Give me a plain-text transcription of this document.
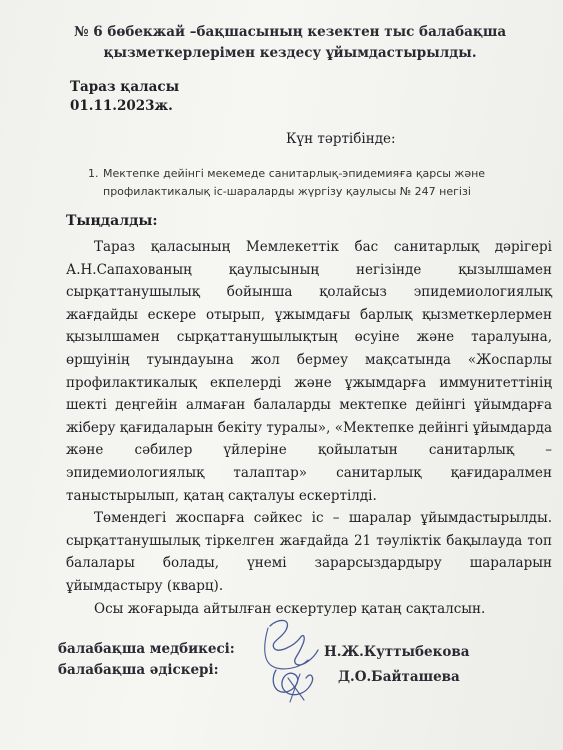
№ 6 бөбекжай –бақшасының кезектен тыс балабақша қызметкерлерімен кездесу ұйымдастырылды.
Тараз қаласы
01.11.2023ж.
Күн тәртібінде:
1. Мектепке дейінгі мекемеде санитарлық-эпидемияға қарсы және профилактикалық іс-шараларды жүргізу қаулысы № 247 негізі
Тыңдалды:

Тараз қаласының Мемлекеттік бас санитарлық дәрігері А.Н.Сапахованың қаулысының негізінде қызылшамен сырқаттанушылық бойынша қолайсыз эпидемиологиялық жағдайды ескере отырып, ұжымдағы барлық қызметкерлермен қызылшамен сырқаттанушылықтың өсуіне және таралуына, өршуінің туындауына жол бермеу мақсатында «Жоспарлы профилактикалық екпелерді және ұжымдарға иммунитеттінің шекті деңгейін алмаған балаларды мектепке дейінгі ұйымдарға жіберу қағидаларын бекіту туралы», «Мектепке дейінгі ұйымдарда және сәбилер үйлеріне қойылатын санитарлық – эпидемиологиялық талаптар» санитарлық қағидаралмен таныстырылып, қатаң сақталуы ескертілді.

Төмендегі жоспарға сәйкес іс – шаралар ұйымдастырылды. сырқаттанушылық тіркелген жағдайда 21 тәуліктік бақылауда топ балалары болады, үнемі зарарсыздардыру шараларын ұйымдастыру (кварц).

Осы жоғарыда айтылған ескертулер қатаң сақталсын.

балабақша медбикесі:
балабақша әдіскері:
Н.Ж.Куттыбекова
Д.О.Байташева
